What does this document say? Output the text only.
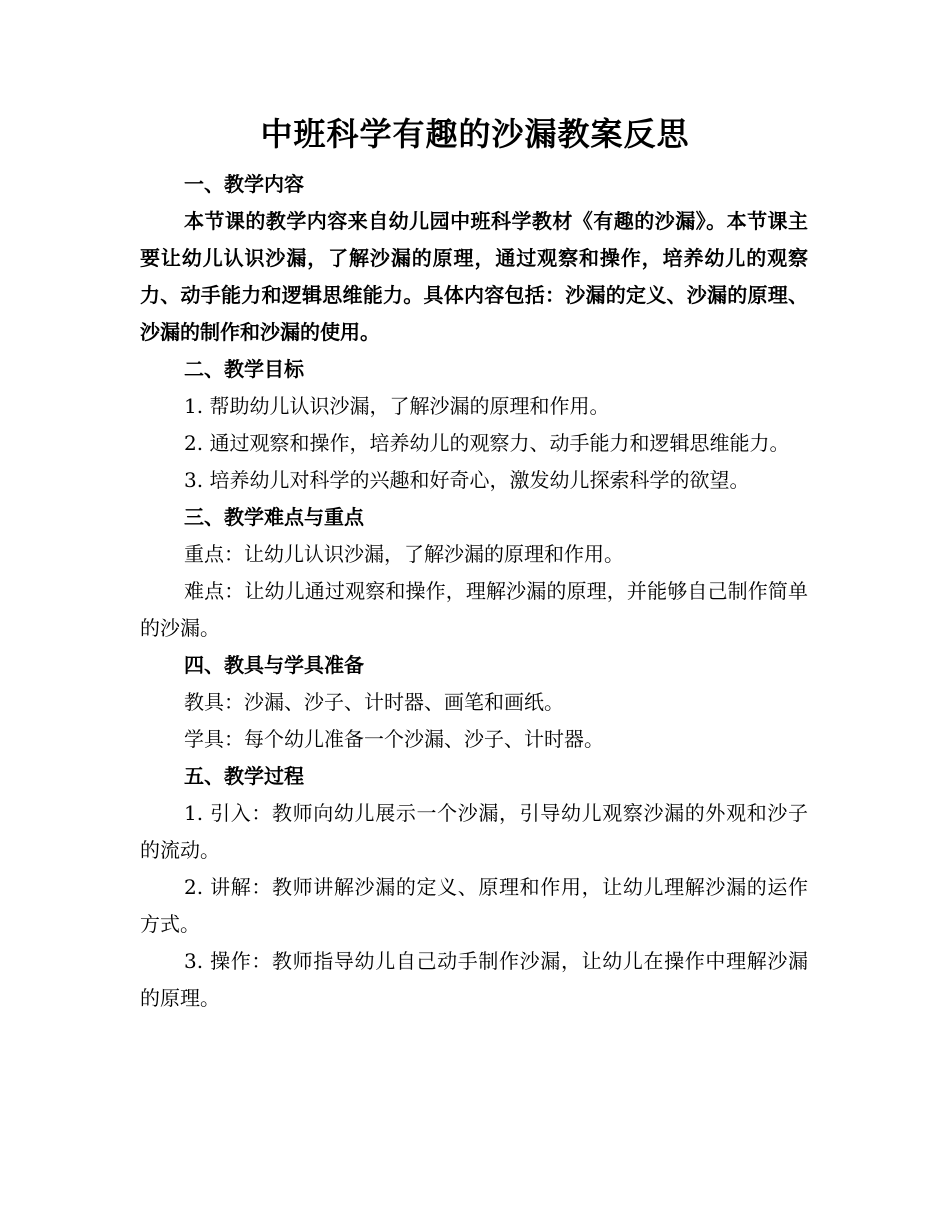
中班科学有趣的沙漏教案反思

一、教学内容

本节课的教学内容来自幼儿园中班科学教材《有趣的沙漏》。本节课主要让幼儿认识沙漏，了解沙漏的原理，通过观察和操作，培养幼儿的观察力、动手能力和逻辑思维能力。具体内容包括：沙漏的定义、沙漏的原理、沙漏的制作和沙漏的使用。

二、教学目标

1. 帮助幼儿认识沙漏，了解沙漏的原理和作用。

2. 通过观察和操作，培养幼儿的观察力、动手能力和逻辑思维能力。

3. 培养幼儿对科学的兴趣和好奇心，激发幼儿探索科学的欲望。

三、教学难点与重点

重点：让幼儿认识沙漏，了解沙漏的原理和作用。

难点：让幼儿通过观察和操作，理解沙漏的原理，并能够自己制作简单的沙漏。

四、教具与学具准备

教具：沙漏、沙子、计时器、画笔和画纸。

学具：每个幼儿准备一个沙漏、沙子、计时器。

五、教学过程

1. 引入：教师向幼儿展示一个沙漏，引导幼儿观察沙漏的外观和沙子的流动。

2. 讲解：教师讲解沙漏的定义、原理和作用，让幼儿理解沙漏的运作方式。

3. 操作：教师指导幼儿自己动手制作沙漏，让幼儿在操作中理解沙漏的原理。
